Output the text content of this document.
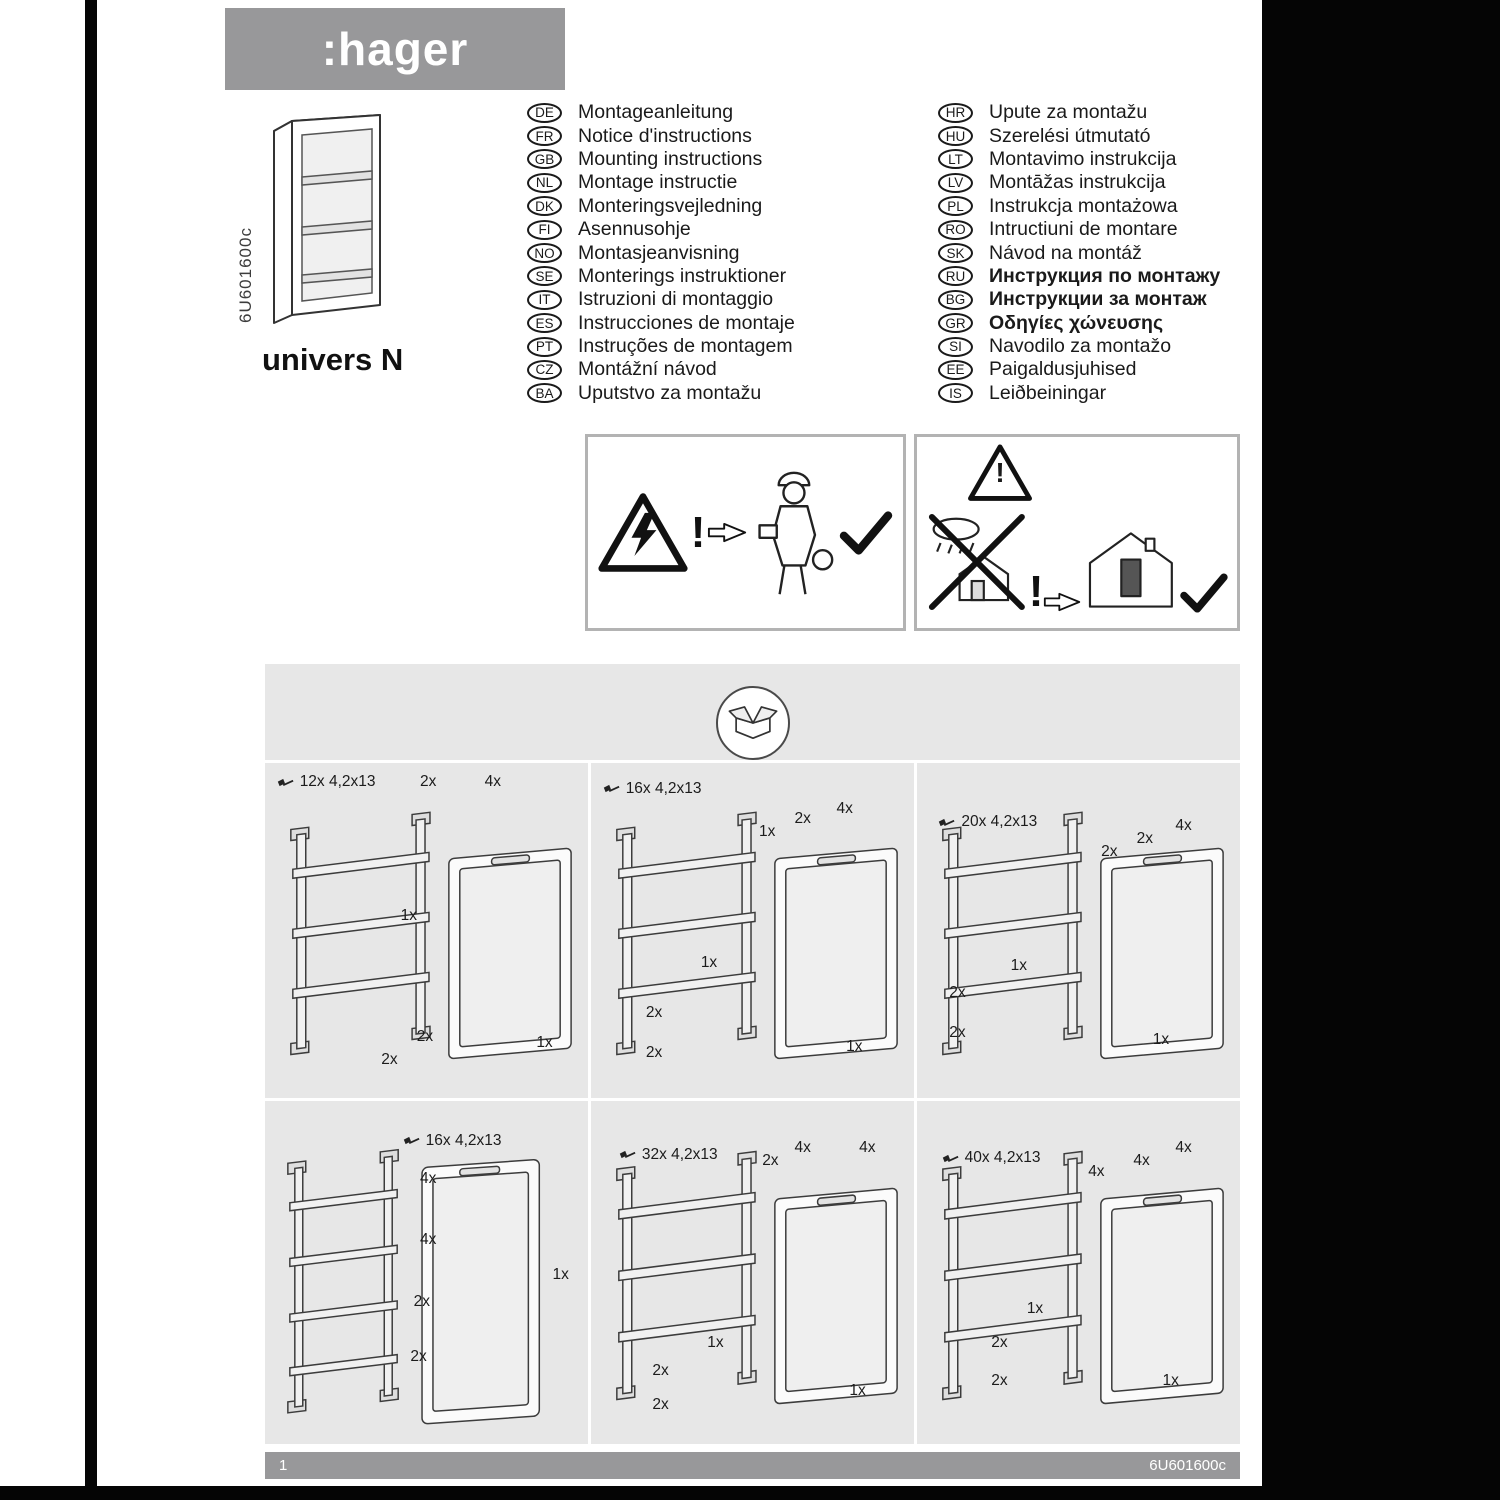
:hager
6U601600c
univers N
DE	Montageanleitung
FR	Notice d'instructions
GB	Mounting instructions
NL	Montage instructie
DK	Monteringsvejledning
FI	Asennusohje
NO	Montasjeanvisning
SE	Monterings instruktioner
IT	Istruzioni di montaggio
ES	Instrucciones de montaje
PT	Instruções de montagem
CZ	Montážní návod
BA	Uputstvo za montažu
HR	Upute za montažu
HU	Szerelési útmutató
LT	Montavimo instrukcija
LV	Montāžas instrukcija
PL	Instrukcja montażowa
RO	Intructiuni de montare
SK	Návod na montáž
RU	Инструкция по монтажу
BG	Инструкции за монтаж
GR	Οδηγίες χώνευσης
SI	Navodilo za montažo
EE	Paigaldusjuhised
IS	Leiðbeiningar
!
!
!
12x 4,2x13	2x	4x
1x
2x
2x
1x
16x 4,2x13
1x
2x
4x
1x
2x
2x	1x
20x 4,2x13
2x
2x
4x
1x
2x
2x	1x
16x 4,2x13
4x
4x
2x
2x
1x
32x 4,2x13	2x
4x	4x
1x
2x
2x
1x
40x 4,2x13
4x
4x
4x
1x
2x
2x	1x
1	6U601600c
